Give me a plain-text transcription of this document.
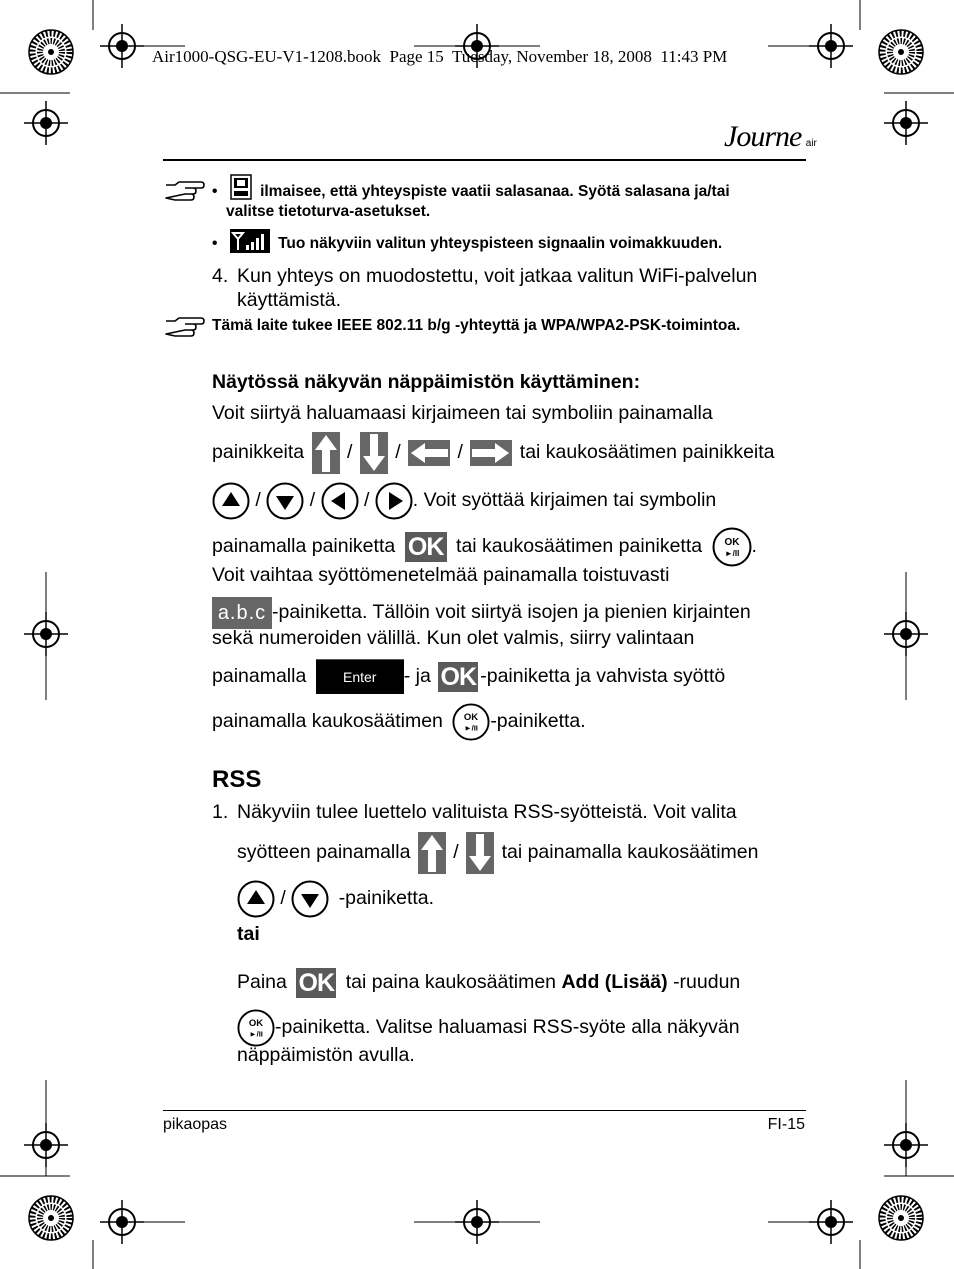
Air1000-QSG-EU-V1-1208.book  Page 15  Tuesday, November 18, 2008  11:43 PM
Journe air
•	ilmaisee, että yhteyspiste vaatii salasanaa. Syötä salasana ja/tai
valitse tietoturva-asetukset.
•	Tuo näkyviin valitun yhteyspisteen signaalin voimakkuuden.
4. Kun yhteys on muodostettu, voit jatkaa valitun WiFi-palvelun
käyttämistä.
Tämä laite tukee IEEE 802.11 b/g -yhteyttä ja WPA/WPA2-PSK-toimintoa.
Näytössä näkyvän näppäimistön käyttäminen:
Voit siirtyä haluamaasi kirjaimeen tai symboliin painamalla
painikkeita / /	/	tai kaukosäätimen painikkeita
/	/	/ . Voit syöttää kirjaimen tai symbolin
painamalla painiketta OK tai kaukosäätimen painiketta OK
►/II .
Voit vaihtaa syöttömenetelmää painamalla toistuvasti
a.b.c -painiketta. Tällöin voit siirtyä isojen ja pienien kirjainten
sekä numeroiden välillä. Kun olet valmis, siirry valintaan
painamalla	Enter - ja OK -painiketta ja vahvista syöttö
painamalla kaukosäätimen OK
►/II -painiketta.
RSS
1. Näkyviin tulee luettelo valituista RSS-syötteistä. Voit valita
syötteen painamalla / tai painamalla kaukosäätimen
/	-painiketta.
tai
Paina OK tai paina kaukosäätimen Add (Lisää) -ruudun
OK
►/II -painiketta. Valitse haluamasi RSS-syöte alla näkyvän
näppäimistön avulla.
pikaopas	FI-15
